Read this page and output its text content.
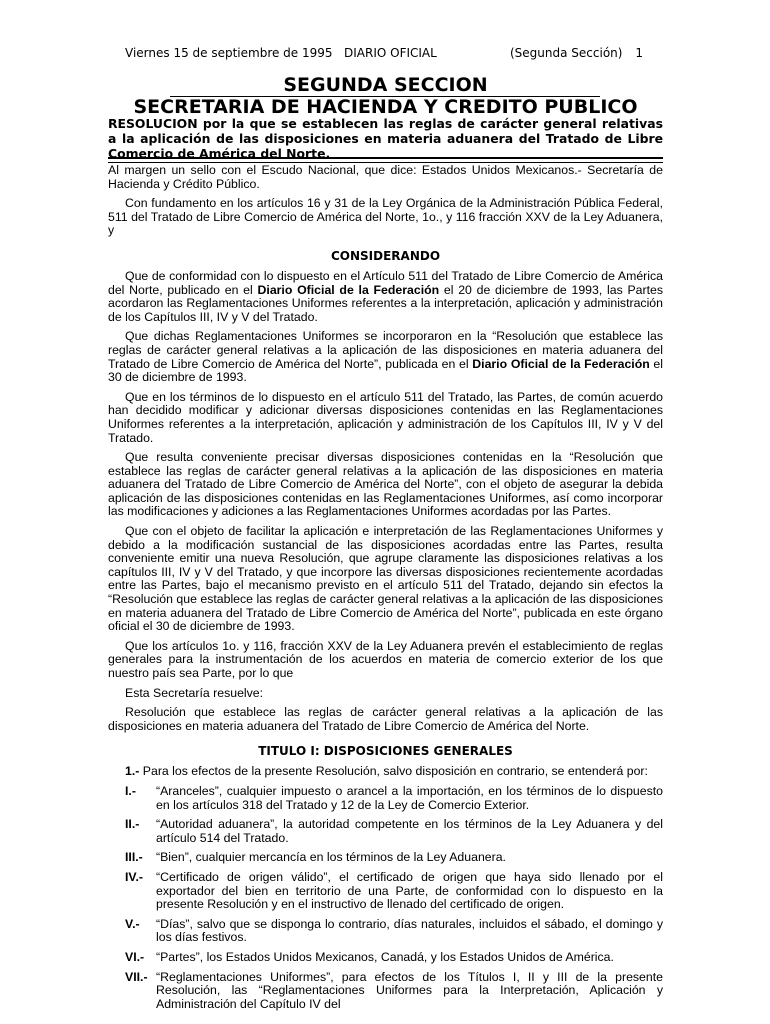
Viernes 15 de septiembre de 1995 DIARIO OFICIAL	(Segunda Sección) 1
SEGUNDA SECCION
SECRETARIA DE HACIENDA Y CREDITO PUBLICO
RESOLUCION por la que se establecen las reglas de carácter general relativas a la aplicación de las disposiciones en materia aduanera del Tratado de Libre Comercio de América del Norte.

Al margen un sello con el Escudo Nacional, que dice: Estados Unidos Mexicanos.- Secretaría de Hacienda y Crédito Público.

Con fundamento en los artículos 16 y 31 de la Ley Orgánica de la Administración Pública Federal, 511 del Tratado de Libre Comercio de América del Norte, 1o., y 116 fracción XXV de la Ley Aduanera, y

CONSIDERANDO

Que de conformidad con lo dispuesto en el Artículo 511 del Tratado de Libre Comercio de América del Norte, publicado en el Diario Oficial de la Federación el 20 de diciembre de 1993, las Partes acordaron las Reglamentaciones Uniformes referentes a la interpretación, aplicación y administración de los Capítulos III, IV y V del Tratado.

Que dichas Reglamentaciones Uniformes se incorporaron en la “Resolución que establece las reglas de carácter general relativas a la aplicación de las disposiciones en materia aduanera del Tratado de Libre Comercio de América del Norte”, publicada en el Diario Oficial de la Federación el 30 de diciembre de 1993.

Que en los términos de lo dispuesto en el artículo 511 del Tratado, las Partes, de común acuerdo han decidido modificar y adicionar diversas disposiciones contenidas en las Reglamentaciones Uniformes referentes a la interpretación, aplicación y administración de los Capítulos III, IV y V del Tratado.

Que resulta conveniente precisar diversas disposiciones contenidas en la “Resolución que establece las reglas de carácter general relativas a la aplicación de las disposiciones en materia aduanera del Tratado de Libre Comercio de América del Norte”, con el objeto de asegurar la debida aplicación de las disposiciones contenidas en las Reglamentaciones Uniformes, así como incorporar las modificaciones y adiciones a las Reglamentaciones Uniformes acordadas por las Partes.

Que con el objeto de facilitar la aplicación e interpretación de las Reglamentaciones Uniformes y debido a la modificación sustancial de las disposiciones acordadas entre las Partes, resulta conveniente emitir una nueva Resolución, que agrupe claramente las disposiciones relativas a los capítulos III, IV y V del Tratado, y que incorpore las diversas disposiciones recientemente acordadas entre las Partes, bajo el mecanismo previsto en el artículo 511 del Tratado, dejando sin efectos la “Resolución que establece las reglas de carácter general relativas a la aplicación de las disposiciones en materia aduanera del Tratado de Libre Comercio de América del Norte”, publicada en este órgano oficial el 30 de diciembre de 1993.

Que los artículos 1o. y 116, fracción XXV de la Ley Aduanera prevén el establecimiento de reglas generales para la instrumentación de los acuerdos en materia de comercio exterior de los que nuestro país sea Parte, por lo que

Esta Secretaría resuelve:

Resolución que establece las reglas de carácter general relativas a la aplicación de las disposiciones en materia aduanera del Tratado de Libre Comercio de América del Norte.

TITULO I: DISPOSICIONES GENERALES
1.- Para los efectos de la presente Resolución, salvo disposición en contrario, se entenderá por:
I.-	“Aranceles”, cualquier impuesto o arancel a la importación, en los términos de lo dispuesto en los artículos 318 del Tratado y 12 de la Ley de Comercio Exterior.
II.-	“Autoridad aduanera”, la autoridad competente en los términos de la Ley Aduanera y del artículo 514 del Tratado.
III.-	“Bien”, cualquier mercancía en los términos de la Ley Aduanera.
IV.-	“Certificado de origen válido”, el certificado de origen que haya sido llenado por el exportador del bien en territorio de una Parte, de conformidad con lo dispuesto en la presente Resolución y en el instructivo de llenado del certificado de origen.
V.-	“Días”, salvo que se disponga lo contrario, días naturales, incluidos el sábado, el domingo y los días festivos.
VI.- “Partes”, los Estados Unidos Mexicanos, Canadá, y los Estados Unidos de América.
VII.- “Reglamentaciones Uniformes”, para efectos de los Títulos I, II y III de la presente Resolución, las “Reglamentaciones Uniformes para la Interpretación, Aplicación y Administración del Capítulo IV del
